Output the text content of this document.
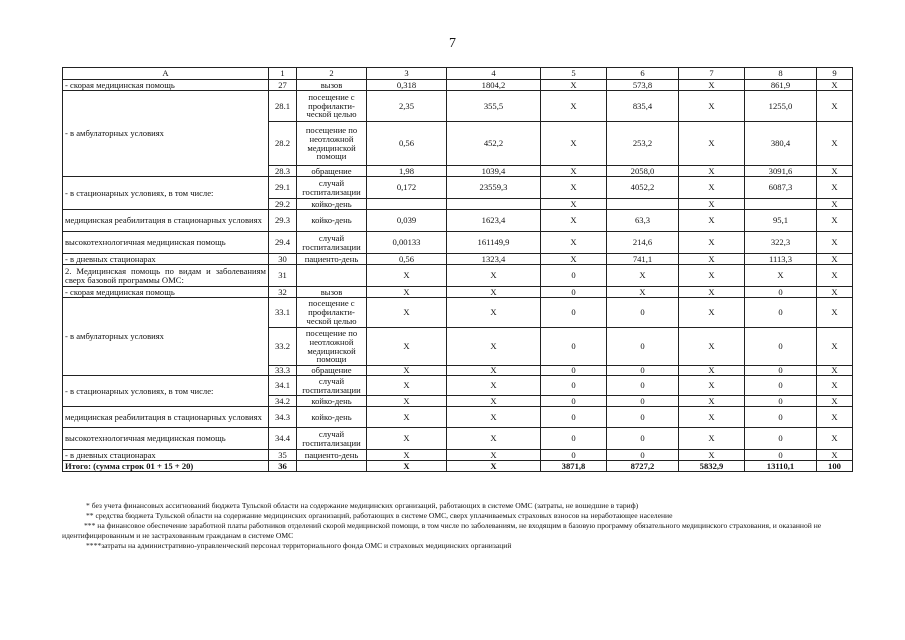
7
A	1	2	3	4	5	6	7	8	9
- скорая медицинская помощь	27	вызов	0,318	1804,2	Х	573,8	Х	861,9	Х
- в амбулаторных условиях	28.1	посещение с профилакти-ческой целью	2,35	355,5	Х	835,4	Х	1255,0	Х
	28.2	посещение по неотложной медицинской помощи	0,56	452,2	Х	253,2	Х	380,4	Х
	28.3	обращение	1,98	1039,4	Х	2058,0	Х	3091,6	Х
- в стационарных условиях, в том числе:	29.1	случай госпитализации	0,172	23559,3	Х	4052,2	Х	6087,3	Х
	29.2	койко-день			Х		Х		Х
медицинская реабилитация в стационарных условиях	29.3	койко-день	0,039	1623,4	Х	63,3	Х	95,1	Х
высокотехнологичная медицинская помощь	29.4	случай госпитализации	0,00133	161149,9	Х	214,6	Х	322,3	Х
- в дневных стационарах	30	пациенто-день	0,56	1323,4	Х	741,1	Х	1113,3	Х
2. Медицинская помощь по видам и заболеваниям сверх базовой программы ОМС:	31		Х	Х	0	Х	Х	Х	Х
- скорая медицинская помощь	32	вызов	Х	Х	0	Х	Х	0	Х
- в амбулаторных условиях	33.1	посещение с профилакти-ческой целью	Х	Х	0	0	Х	0	Х
	33.2	посещение по неотложной медицинской помощи	Х	Х	0	0	Х	0	Х
	33.3	обращение	Х	Х	0	0	Х	0	Х
- в стационарных условиях, в том числе:	34.1	случай госпитализации	Х	Х	0	0	Х	0	Х
	34.2	койко-день	Х	Х	0	0	Х	0	Х
медицинская реабилитация в стационарных условиях	34.3	койко-день	Х	Х	0	0	Х	0	Х
высокотехнологичная медицинская помощь	34.4	случай госпитализации	Х	Х	0	0	Х	0	Х
- в дневных стационарах	35	пациенто-день	Х	Х	0	0	Х	0	Х
Итого: (сумма строк 01 + 15 + 20)	36		Х	Х	3871,8	8727,2	5832,9	13110,1	100

* без учета финансовых ассигнований бюджета Тульской области на содержание медицинских организаций, работающих в системе ОМС (затраты, не вошедшие в тариф)

** средства бюджета Тульской области на содержание медицинских организаций, работающих в системе ОМС, сверх уплачиваемых страховых взносов на неработающее население

*** на финансовое обеспечение заработной платы работников отделений скорой медицинской помощи, в том числе по заболеваниям, не входящим в базовую программу обязательного медицинского страхования, и оказанной не идентифицированным и не застрахованным гражданам в системе ОМС

****затраты на административно-управленческий персонал территориального фонда ОМС и страховых медицинских организаций
